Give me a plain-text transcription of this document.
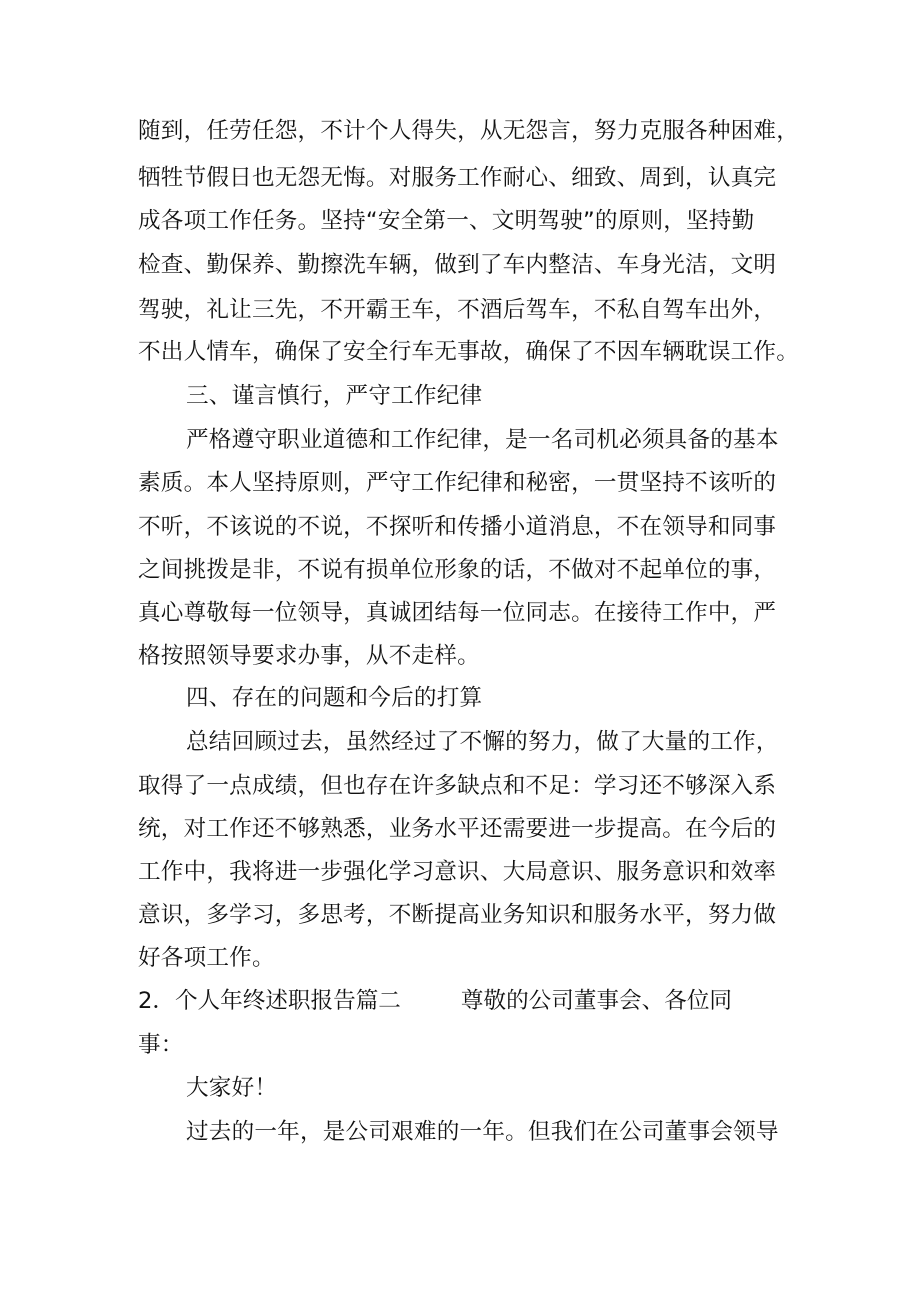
随到，任劳任怨，不计个人得失，从无怨言，努力克服各种困难，
牺牲节假日也无怨无悔。对服务工作耐心、细致、周到，认真完
成各项工作任务。坚持“安全第一、文明驾驶”的原则，坚持勤
检查、勤保养、勤擦洗车辆，做到了车内整洁、车身光洁，文明
驾驶，礼让三先，不开霸王车，不酒后驾车，不私自驾车出外，
不出人情车，确保了安全行车无事故，确保了不因车辆耽误工作。
三、谨言慎行，严守工作纪律
严格遵守职业道德和工作纪律，是一名司机必须具备的基本
素质。本人坚持原则，严守工作纪律和秘密，一贯坚持不该听的
不听，不该说的不说，不探听和传播小道消息，不在领导和同事
之间挑拨是非，不说有损单位形象的话，不做对不起单位的事，
真心尊敬每一位领导，真诚团结每一位同志。在接待工作中，严
格按照领导要求办事，从不走样。
四、存在的问题和今后的打算
总结回顾过去，虽然经过了不懈的努力，做了大量的工作，
取得了一点成绩，但也存在许多缺点和不足：学习还不够深入系
统，对工作还不够熟悉，业务水平还需要进一步提高。在今后的
工作中，我将进一步强化学习意识、大局意识、服务意识和效率
意识，多学习，多思考，不断提高业务知识和服务水平，努力做
好各项工作。
2．个人年终述职报告篇二	尊敬的公司董事会、各位同
事：
大家好！
过去的一年，是公司艰难的一年。但我们在公司董事会领导
